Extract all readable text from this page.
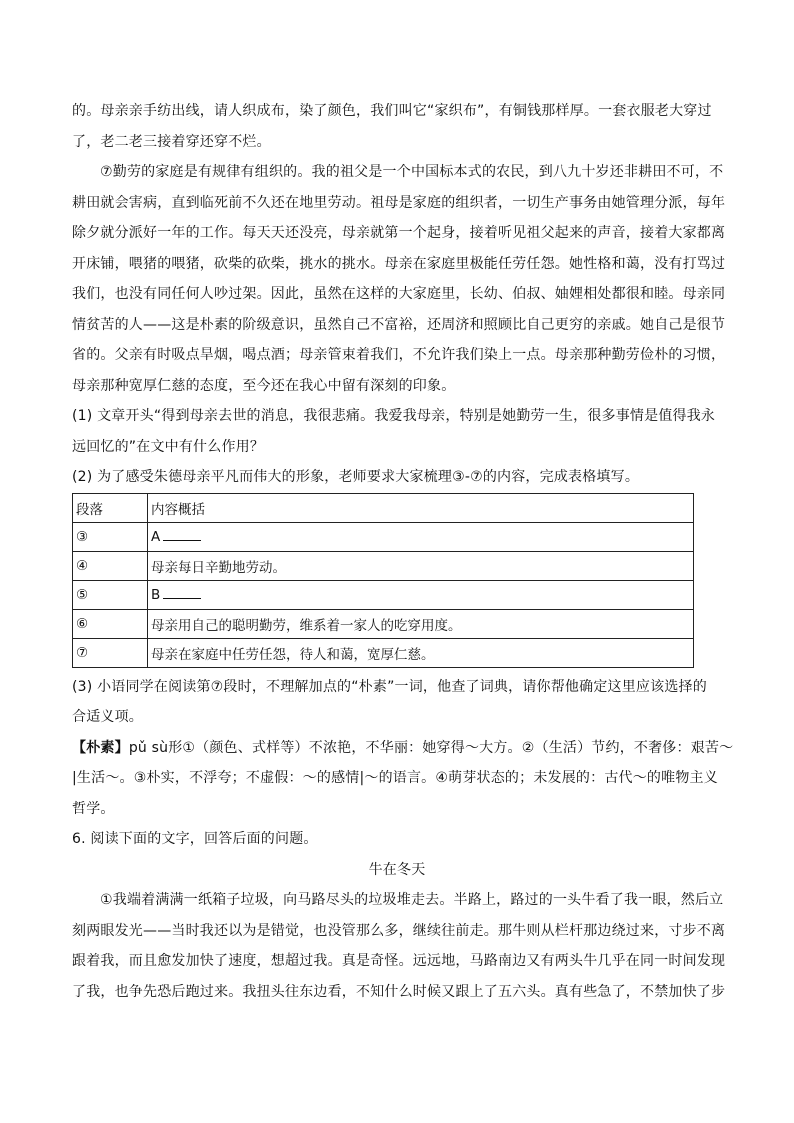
的。母亲亲手纺出线，请人织成布，染了颜色，我们叫它“家织布”，有铜钱那样厚。一套衣服老大穿过
了，老二老三接着穿还穿不烂。
⑦勤劳的家庭是有规律有组织的。我的祖父是一个中国标本式的农民，到八九十岁还非耕田不可，不
耕田就会害病，直到临死前不久还在地里劳动。祖母是家庭的组织者，一切生产事务由她管理分派，每年
除夕就分派好一年的工作。每天天还没亮，母亲就第一个起身，接着听见祖父起来的声音，接着大家都离
开床铺，喂猪的喂猪，砍柴的砍柴，挑水的挑水。母亲在家庭里极能任劳任怨。她性格和蔼，没有打骂过
我们，也没有同任何人吵过架。因此，虽然在这样的大家庭里，长幼、伯叔、妯娌相处都很和睦。母亲同
情贫苦的人——这是朴素的阶级意识，虽然自己不富裕，还周济和照顾比自己更穷的亲戚。她自己是很节
省的。父亲有时吸点旱烟，喝点酒；母亲管束着我们，不允许我们染上一点。母亲那种勤劳俭朴的习惯，
母亲那种宽厚仁慈的态度，至今还在我心中留有深刻的印象。
(1) 文章开头“得到母亲去世的消息，我很悲痛。我爱我母亲，特别是她勤劳一生，很多事情是值得我永
远回忆的”在文中有什么作用？
(2) 为了感受朱德母亲平凡而伟大的形象，老师要求大家梳理③-⑦的内容，完成表格填写。
段落	内容概括
③	A
④	母亲每日辛勤地劳动。
⑤	B
⑥	母亲用自己的聪明勤劳，维系着一家人的吃穿用度。
⑦	母亲在家庭中任劳任怨，待人和蔼，宽厚仁慈。
(3) 小语同学在阅读第⑦段时，不理解加点的“朴素”一词，他查了词典，请你帮他确定这里应该选择的
合适义项。
【朴素】pǔ sù形①（颜色、式样等）不浓艳，不华丽：她穿得～大方。②（生活）节约，不奢侈：艰苦～
|生活～。③朴实，不浮夸；不虚假：～的感情|～的语言。④萌芽状态的；未发展的：古代～的唯物主义
哲学。
6. 阅读下面的文字，回答后面的问题。
牛在冬天
①我端着满满一纸箱子垃圾，向马路尽头的垃圾堆走去。半路上，路过的一头牛看了我一眼，然后立
刻两眼发光——当时我还以为是错觉，也没管那么多，继续往前走。那牛则从栏杆那边绕过来，寸步不离
跟着我，而且愈发加快了速度，想超过我。真是奇怪。远远地，马路南边又有两头牛几乎在同一时间发现
了我，也争先恐后跑过来。我扭头往东边看，不知什么时候又跟上了五六头。真有些急了，不禁加快了步
